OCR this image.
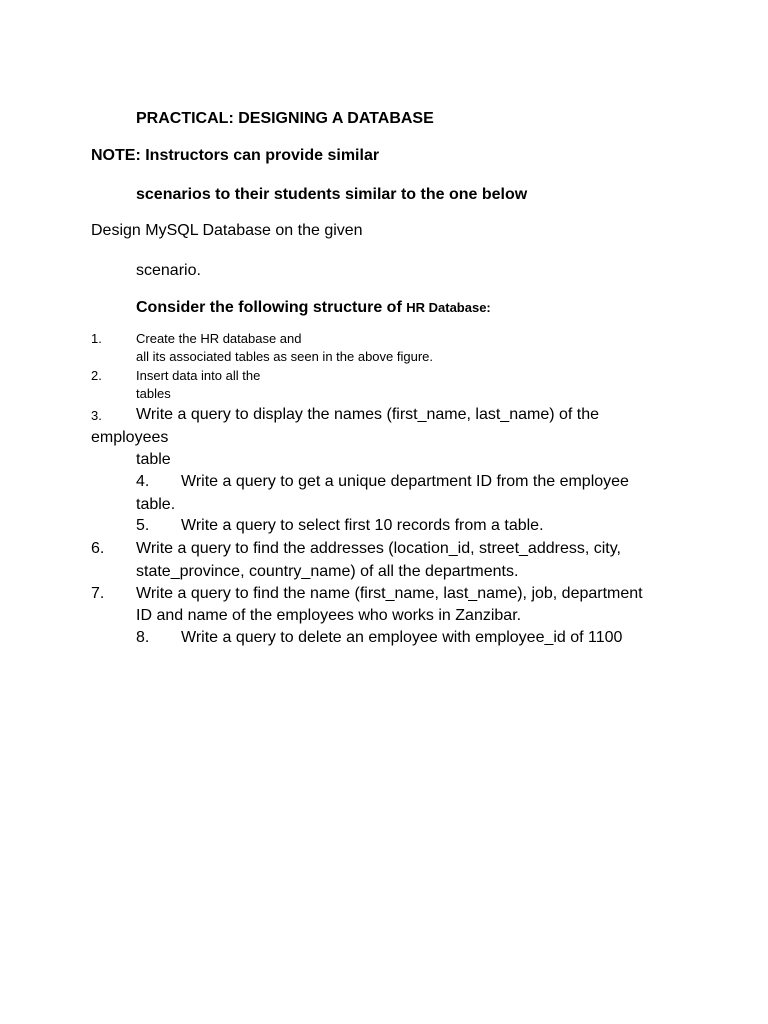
PRACTICAL: DESIGNING A DATABASE
NOTE: Instructors can provide similar
scenarios to their students similar to the one below
Design MySQL Database on the given
scenario.
Consider the following structure of HR Database:
1.	Create the HR database and
all its associated tables as seen in the above figure.
2.	Insert data into all the
tables
3. Write a query to display the names (first_name, last_name) of the
employees
table
4. Write a query to get a unique department ID from the employee
table.
5. Write a query to select first 10 records from a table.
6. Write a query to find the addresses (location_id, street_address, city,
state_province, country_name) of all the departments.
7. Write a query to find the name (first_name, last_name), job, department
ID and name of the employees who works in Zanzibar.
8. Write a query to delete an employee with employee_id of 1100
